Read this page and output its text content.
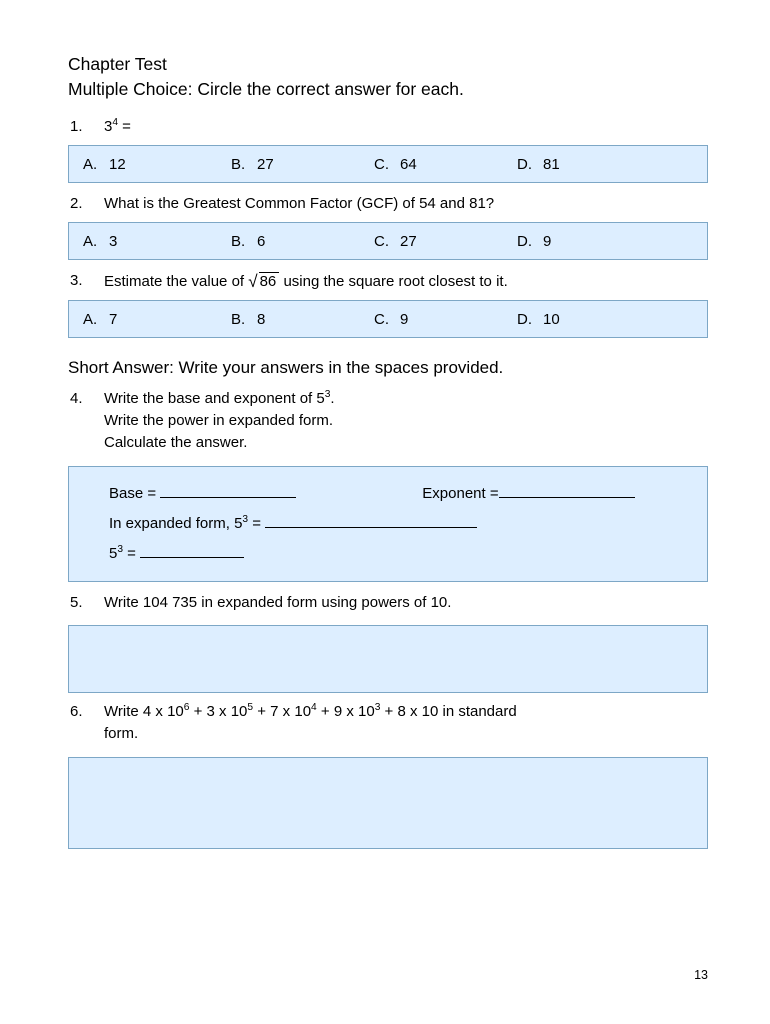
Chapter Test

Multiple Choice: Circle the correct answer for each.

1.	$3^4$ =
A. 12	B. 27	C. 64	D. 81
2.	What is the Greatest Common Factor (GCF) of 54 and 81?
A. 3	B. 6	C. 27	D. 9
3.	Estimate the value of √ 86 using the square root closest to it.
A. 7	B. 8	C. 9	D. 10

Short Answer: Write your answers in the spaces provided.

4.	Write the base and exponent of $5^3$.
Write the power in expanded form.
Calculate the answer.
Base =	Exponent =
In expanded form, $5^3$ =
$5^3$ =
5.	Write 104 735 in expanded form using powers of 10.
6.	Write 4 x $10^6 + 3$ x $10^5 + 7$ x $10^4 + 9$ x $10^3 + 8$ x 10 in standard
form.
13
